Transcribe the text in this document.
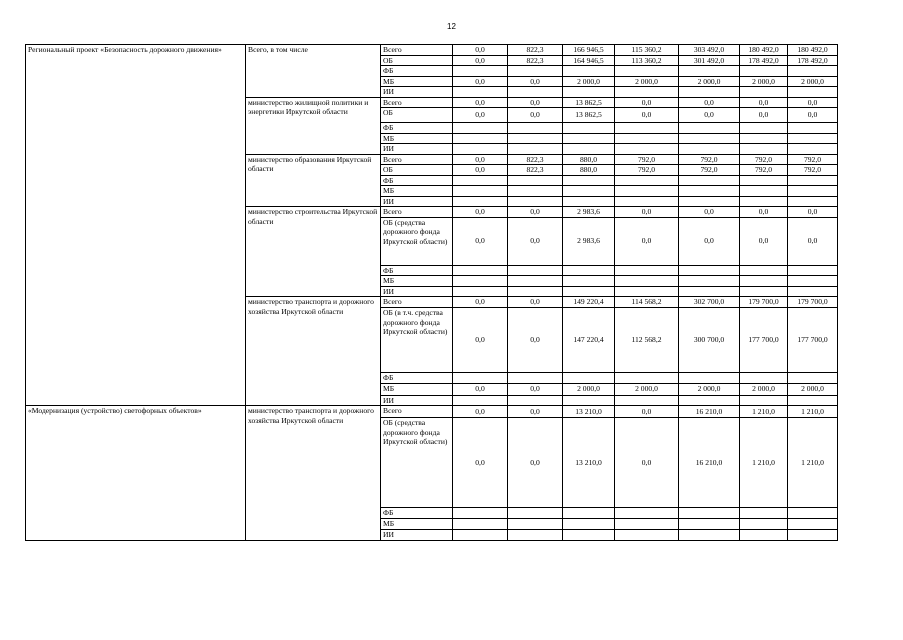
12
Региональный проект «Безопасность дорожного движения»	Всего, в том числе	Всего	0,0	822,3	166 946,5	115 360,2	303 492,0	180 492,0	180 492,0
		ОБ	0,0	822,3	164 946,5	113 360,2	301 492,0	178 492,0	178 492,0
		ФБ							
		МБ	0,0	0,0	2 000,0	2 000,0	2 000,0	2 000,0	2 000,0
		ИИ							
	министерство жилищной политики и энергетики Иркутской области	Всего	0,0	0,0	13 862,5	0,0	0,0	0,0	0,0
		ОБ	0,0	0,0	13 862,5	0,0	0,0	0,0	0,0
		ФБ							
		МБ							
		ИИ							
	министерство образования Иркутской области	Всего	0,0	822,3	880,0	792,0	792,0	792,0	792,0
		ОБ	0,0	822,3	880,0	792,0	792,0	792,0	792,0
		ФБ							
		МБ							
		ИИ							
	министерство строительства Иркутской области	Всего	0,0	0,0	2 983,6	0,0	0,0	0,0	0,0
		ОБ (средства дорожного фонда Иркутской области)	0,0	0,0	2 983,6	0,0	0,0	0,0	0,0
		ФБ							
		МБ							
		ИИ							
	министерство транспорта и дорожного хозяйства Иркутской области	Всего	0,0	0,0	149 220,4	114 568,2	302 700,0	179 700,0	179 700,0
		ОБ (в т.ч. средства дорожного фонда Иркутской области)	0,0	0,0	147 220,4	112 568,2	300 700,0	177 700,0	177 700,0
		ФБ							
		МБ	0,0	0,0	2 000,0	2 000,0	2 000,0	2 000,0	2 000,0
		ИИ							
«Модернизация (устройство) светофорных объектов»	министерство транспорта и дорожного хозяйства Иркутской области	Всего	0,0	0,0	13 210,0	0,0	16 210,0	1 210,0	1 210,0
		ОБ (средства дорожного фонда Иркутской области)	0,0	0,0	13 210,0	0,0	16 210,0	1 210,0	1 210,0
		ФБ							
		МБ							
		ИИ							
